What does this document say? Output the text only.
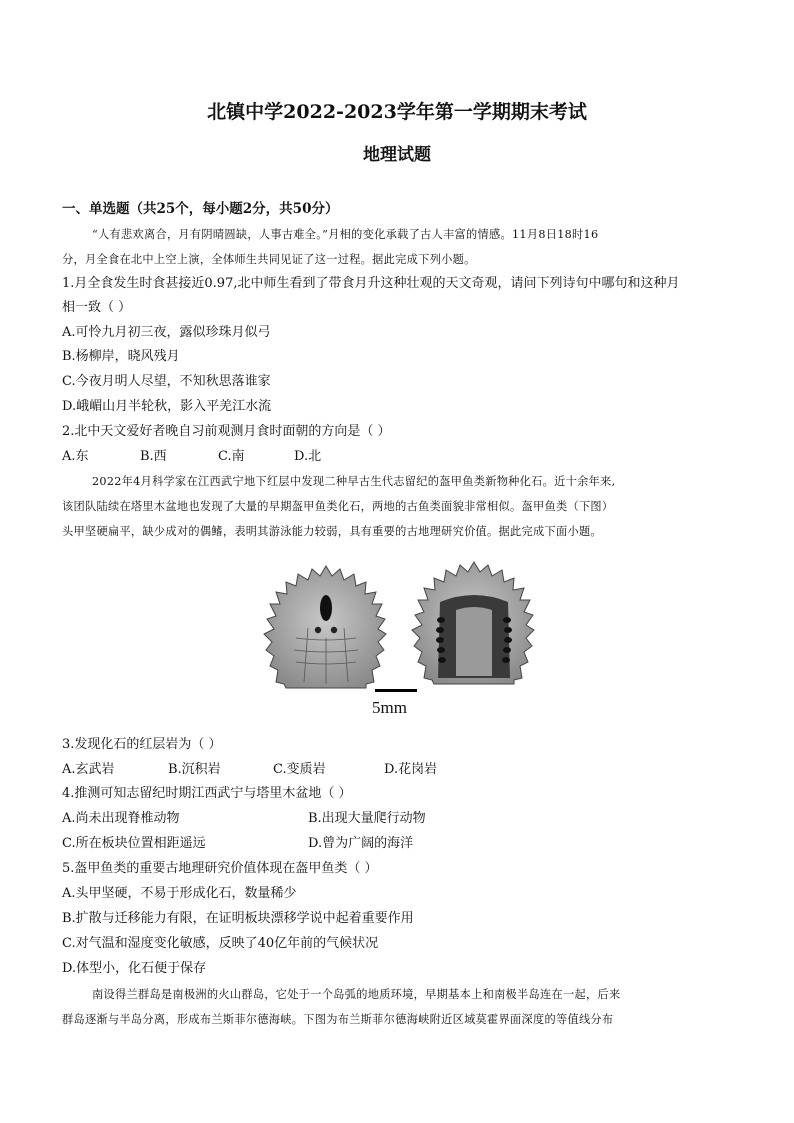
北镇中学2022-2023学年第一学期期末考试
地理试题
一、单选题（共25个，每小题2分，共50分）
“人有悲欢离合，月有阴晴圆缺，人事古难全。”月相的变化承载了古人丰富的情感。11月8日18时16
分，月全食在北中上空上演，全体师生共同见证了这一过程。据此完成下列小题。
1.月全食发生时食甚接近0.97,北中师生看到了带食月升这种壮观的天文奇观，请问下列诗句中哪句和这种月
相一致（ ）
A.可怜九月初三夜，露似珍珠月似弓
B.杨柳岸，晓风残月
C.今夜月明人尽望，不知秋思落谁家
D.峨嵋山月半轮秋，影入平羌江水流
2.北中天文爱好者晚自习前观测月食时面朝的方向是（ ）
A.东	B.西	C.南	D.北
2022年4月科学家在江西武宁地下红层中发现二种早古生代志留纪的盔甲鱼类新物种化石。近十余年来,
该团队陆续在塔里木盆地也发现了大量的早期盔甲鱼类化石，两地的古鱼类面貌非常相似。盔甲鱼类（下图）
头甲坚硬扁平，缺少成对的偶鳍，表明其游泳能力较弱，具有重要的古地理研究价值。据此完成下面小题。
5mm
3.发现化石的红层岩为（ ）
A.玄武岩	B.沉积岩	C.变质岩	D.花岗岩
4.推测可知志留纪时期江西武宁与塔里木盆地（ ）
A.尚未出现脊椎动物	B.出现大量爬行动物
C.所在板块位置相距遥远	D.曾为广阔的海洋
5.盔甲鱼类的重要古地理研究价值体现在盔甲鱼类（ ）
A.头甲坚硬，不易于形成化石，数量稀少
B.扩散与迁移能力有限，在证明板块漂移学说中起着重要作用
C.对气温和湿度变化敏感，反映了40亿年前的气候状况
D.体型小，化石便于保存
南设得兰群岛是南极洲的火山群岛，它处于一个岛弧的地质环境，早期基本上和南极半岛连在一起，后来
群岛逐渐与半岛分离，形成布兰斯菲尔德海峡。下图为布兰斯菲尔德海峡附近区域莫霍界面深度的等值线分布
